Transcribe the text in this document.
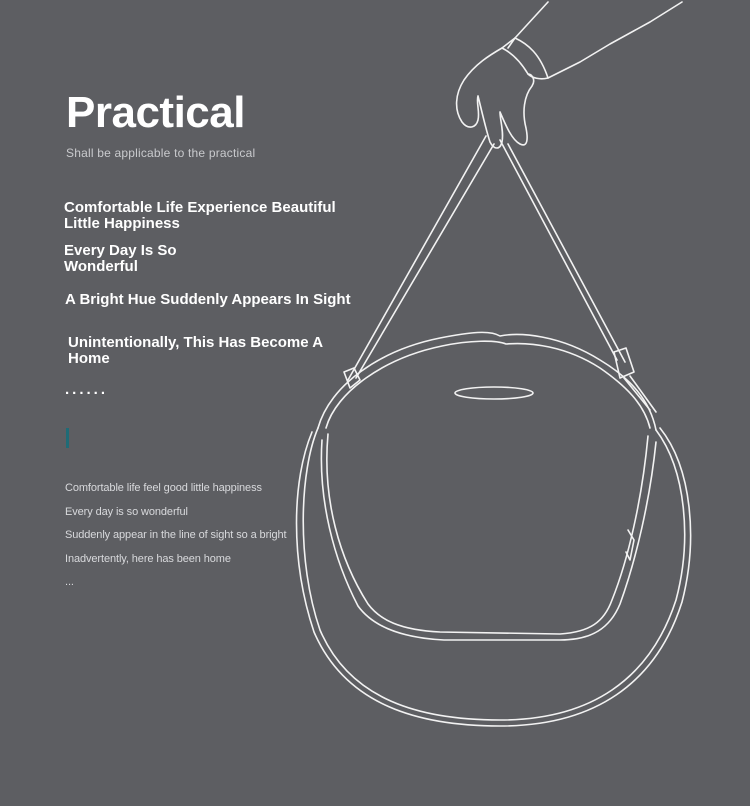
Practical
Shall be applicable to the practical
Comfortable Life Experience Beautiful Little Happiness
Every Day Is So Wonderful
A Bright Hue Suddenly Appears In Sight
Unintentionally, This Has Become A Home
......
Comfortable life feel good little happiness
Every day is so wonderful
Suddenly appear in the line of sight so a bright
Inadvertently, here has been home
...
